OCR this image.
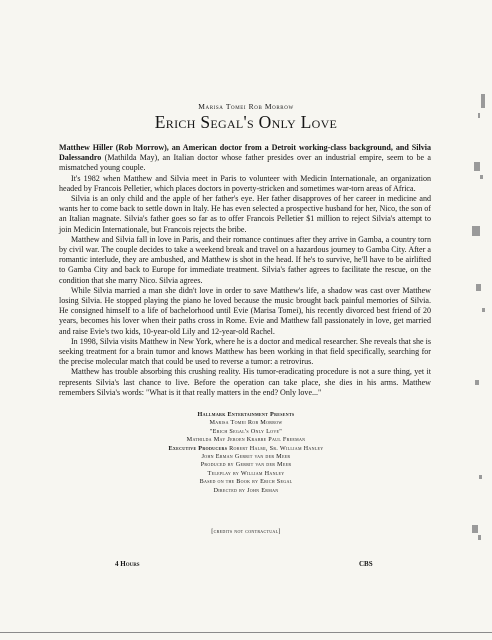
Marisa Tomei Rob Morrow
Erich Segal's Only Love

Matthew Hiller (Rob Morrow), an American doctor from a Detroit working-class background, and Silvia Dalessandro (Mathilda May), an Italian doctor whose father presides over an industrial empire, seem to be a mismatched young couple.

It's 1982 when Matthew and Silvia meet in Paris to volunteer with Medicin Internationale, an organization headed by Francois Pelletier, which places doctors in poverty-stricken and sometimes war-torn areas of Africa.

Silvia is an only child and the apple of her father's eye. Her father disapproves of her career in medicine and wants her to come back to settle down in Italy. He has even selected a prospective husband for her, Nico, the son of an Italian magnate. Silvia's father goes so far as to offer Francois Pelletier $1 million to reject Silvia's attempt to join Medicin Internationale, but Francois rejects the bribe.

Matthew and Silvia fall in love in Paris, and their romance continues after they arrive in Gamba, a country torn by civil war. The couple decides to take a weekend break and travel on a hazardous journey to Gamba City. After a romantic interlude, they are ambushed, and Matthew is shot in the head. If he's to survive, he'll have to be airlifted to Gamba City and back to Europe for immediate treatment. Silvia's father agrees to facilitate the rescue, on the condition that she marry Nico. Silvia agrees.

While Silvia married a man she didn't love in order to save Matthew's life, a shadow was cast over Matthew losing Silvia. He stopped playing the piano he loved because the music brought back painful memories of Silvia. He consigned himself to a life of bachelorhood until Evie (Marisa Tomei), his recently divorced best friend of 20 years, becomes his lover when their paths cross in Rome. Evie and Matthew fall passionately in love, get married and raise Evie's two kids, 10-year-old Lily and 12-year-old Rachel.

In 1998, Silvia visits Matthew in New York, where he is a doctor and medical researcher. She reveals that she is seeking treatment for a brain tumor and knows Matthew has been working in that field specifically, searching for the precise molecular match that could be used to reverse a tumor: a retrovirus.

Matthew has trouble absorbing this crushing reality. His tumor-eradicating procedure is not a sure thing, yet it represents Silvia's last chance to live. Before the operation can take place, she dies in his arms. Matthew remembers Silvia's words: "What is it that really matters in the end? Only love..."

Hallmark Entertainment Presents
Marisa Tomei Rob Morrow
"Erich Segal's Only Love"
Mathilda May Jeroen Krabbe Paul Freeman
Executive Producers Robert Halmi, Sr. William Hanley
John Erman Gerrit van der Meer
Produced by Gerrit van der Meer
Teleplay by William Hanley
Based on the Book by Erich Segal
Directed by John Erman
[credits not contractual]
4 Hours	CBS
